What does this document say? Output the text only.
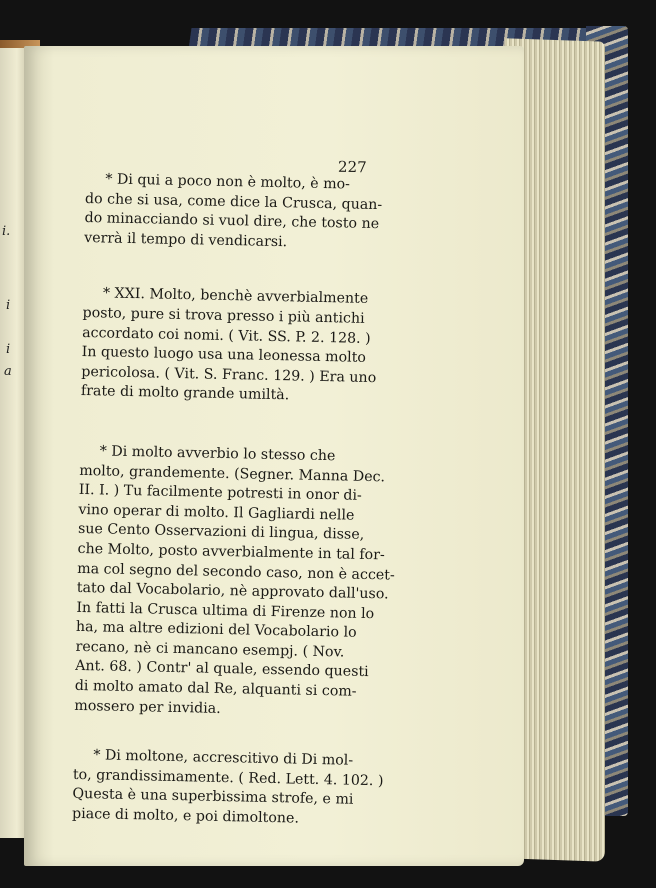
i.
i
i
a
227
* Di qui a poco non è molto, è mo-
do che si usa, come dice la Crusca, quan-
do minacciando si vuol dire, che tosto ne
verrà il tempo di vendicarsi.
* XXI. Molto, benchè avverbialmente
posto, pure si trova presso i più antichi
accordato coi nomi. ( Vit. SS. P. 2. 128. )
In questo luogo usa una leonessa molto
pericolosa. ( Vit. S. Franc. 129. ) Era uno
frate di molto grande umiltà.
* Di molto avverbio lo stesso che
molto, grandemente. (Segner. Manna Dec.
II. I. ) Tu facilmente potresti in onor di-
vino operar di molto. Il Gagliardi nelle
sue Cento Osservazioni di lingua, disse,
che Molto, posto avverbialmente in tal for-
ma col segno del secondo caso, non è accet-
tato dal Vocabolario, nè approvato dall'uso.
In fatti la Crusca ultima di Firenze non lo
ha, ma altre edizioni del Vocabolario lo
recano, nè ci mancano esempj. ( Nov.
Ant. 68. ) Contr' al quale, essendo questi
di molto amato dal Re, alquanti si com-
mossero per invidia.
* Di moltone, accrescitivo di Di mol-
to, grandissimamente. ( Red. Lett. 4. 102. )
Questa è una superbissima strofe, e mi
piace di molto, e poi dimoltone.
